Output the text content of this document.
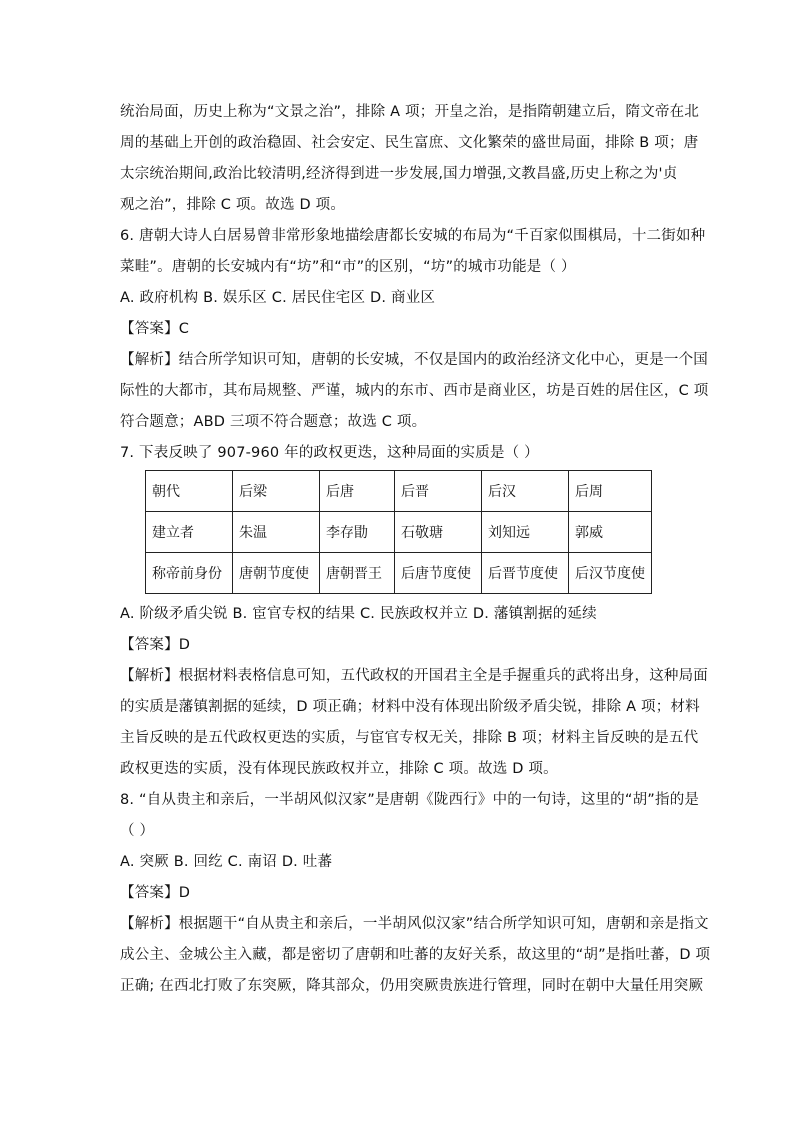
统治局面，历史上称为“文景之治”，排除 A 项；开皇之治，是指隋朝建立后，隋文帝在北
周的基础上开创的政治稳固、社会安定、民生富庶、文化繁荣的盛世局面，排除 B 项；唐
太宗统治期间,政治比较清明,经济得到进一步发展,国力增强,文教昌盛,历史上称之为'贞
观之治”，排除 C 项。故选 D 项。
6. 唐朝大诗人白居易曾非常形象地描绘唐都长安城的布局为“千百家似围棋局，十二街如种
菜畦”。唐朝的长安城内有“坊”和“市”的区别，“坊”的城市功能是（ ）
A. 政府机构 B. 娱乐区 C. 居民住宅区 D. 商业区
【答案】C
【解析】结合所学知识可知，唐朝的长安城，不仅是国内的政治经济文化中心，更是一个国
际性的大都市，其布局规整、严谨，城内的东市、西市是商业区，坊是百姓的居住区，C 项
符合题意；ABD 三项不符合题意；故选 C 项。
7. 下表反映了 907-960 年的政权更迭，这种局面的实质是（ ）
朝代	后梁	后唐	后晋	后汉	后周
建立者	朱温	李存勖	石敬瑭	刘知远	郭威
称帝前身份	唐朝节度使	唐朝晋王	后唐节度使	后晋节度使	后汉节度使
A. 阶级矛盾尖锐 B. 宦官专权的结果 C. 民族政权并立 D. 藩镇割据的延续
【答案】D
【解析】根据材料表格信息可知，五代政权的开国君主全是手握重兵的武将出身，这种局面
的实质是藩镇割据的延续，D 项正确；材料中没有体现出阶级矛盾尖锐，排除 A 项；材料
主旨反映的是五代政权更迭的实质，与宦官专权无关，排除 B 项；材料主旨反映的是五代
政权更迭的实质，没有体现民族政权并立，排除 C 项。故选 D 项。
8. “自从贵主和亲后，一半胡风似汉家”是唐朝《陇西行》中的一句诗，这里的“胡”指的是
（ ）
A. 突厥 B. 回纥 C. 南诏 D. 吐蕃
【答案】D
【解析】根据题干“自从贵主和亲后，一半胡风似汉家”结合所学知识可知，唐朝和亲是指文
成公主、金城公主入藏，都是密切了唐朝和吐蕃的友好关系，故这里的“胡”是指吐蕃，D 项
正确; 在西北打败了东突厥，降其部众，仍用突厥贵族进行管理，同时在朝中大量任用突厥
